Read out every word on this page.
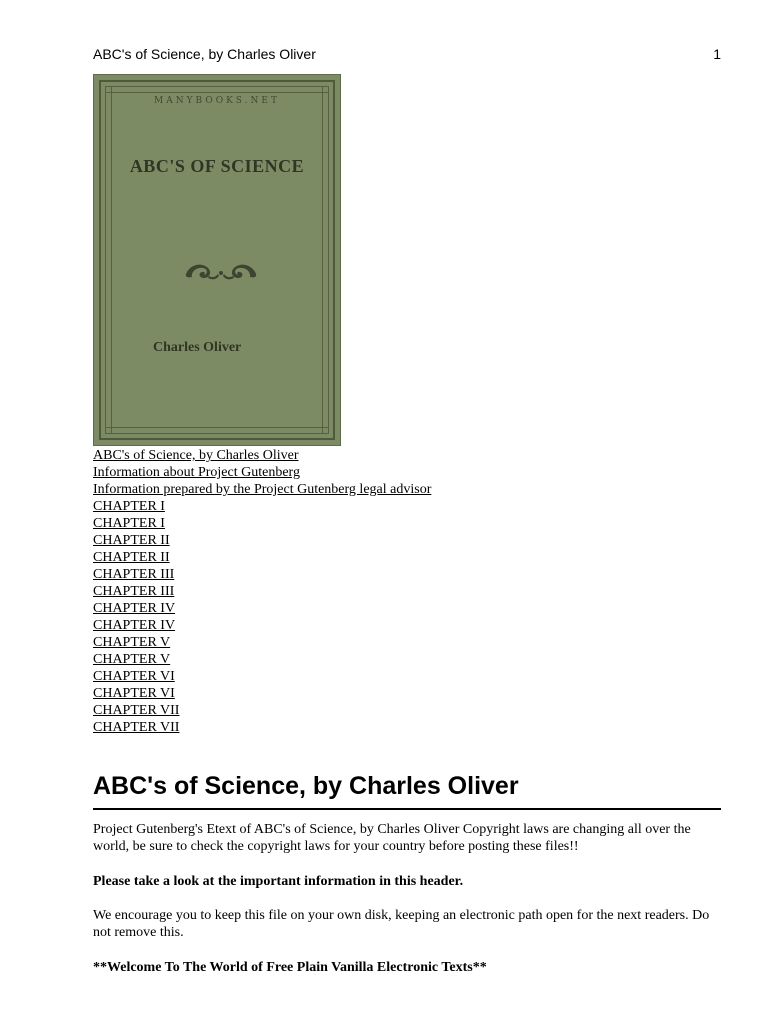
ABC's of Science, by Charles Oliver	1
MANYBOOKS.NET
ABC'S OF SCIENCE
Charles Oliver
ABC's of Science, by Charles Oliver
Information about Project Gutenberg
Information prepared by the Project Gutenberg legal advisor
CHAPTER I
CHAPTER I
CHAPTER II
CHAPTER II
CHAPTER III
CHAPTER III
CHAPTER IV
CHAPTER IV
CHAPTER V
CHAPTER V
CHAPTER VI
CHAPTER VI
CHAPTER VII
CHAPTER VII
ABC's of Science, by Charles Oliver

Project Gutenberg's Etext of ABC's of Science, by Charles Oliver Copyright laws are changing all over the world, be sure to check the copyright laws for your country before posting these files!!

Please take a look at the important information in this header.

We encourage you to keep this file on your own disk, keeping an electronic path open for the next readers. Do not remove this.

**Welcome To The World of Free Plain Vanilla Electronic Texts**
